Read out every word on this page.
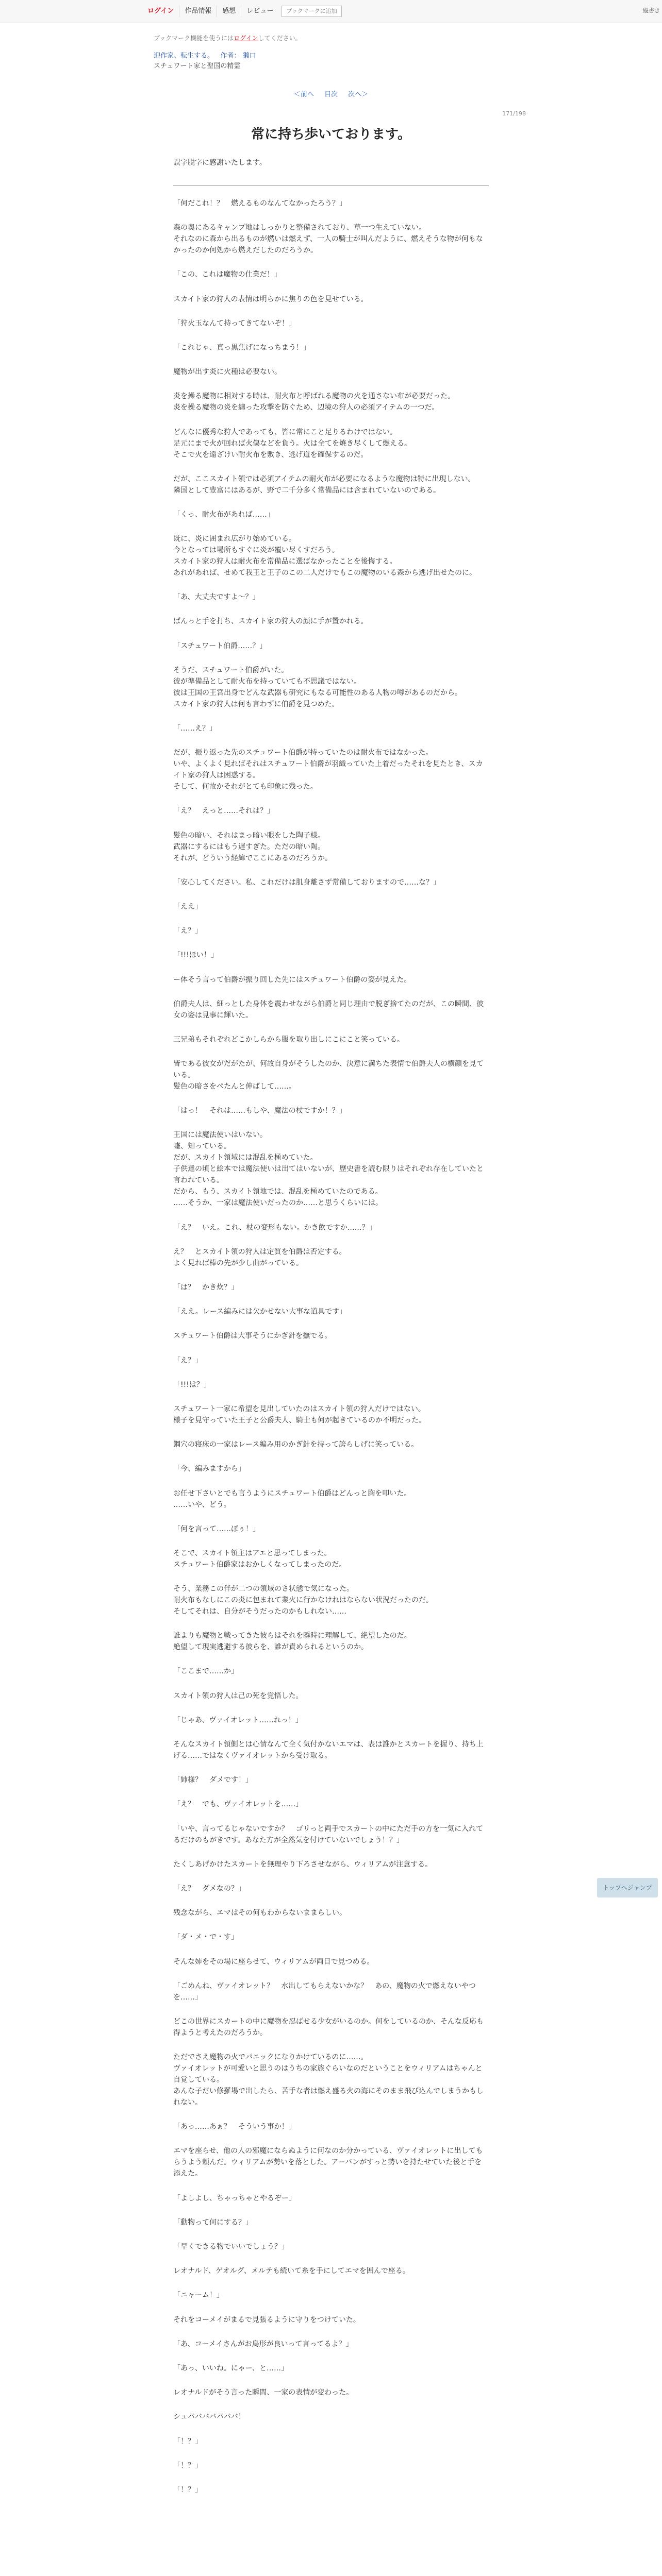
ログイン	作品情報	感想	レビュー	ブックマークに追加	縦書き
ブックマーク機能を使うにはログインしてください。
迎作家、転生する。 作者： 獺口
スチュワート家と聖国の精霊
＜前へ 目次 次へ＞
171/198
常に持ち歩いております。

誤字脱字に感謝いたします。

「何だこれ！？　燃えるものなんてなかったろう？」

森の奥にあるキャンプ地はしっかりと整備されており、草一つ生えていない。
それなのに森から出るものが燃いは燃えず、一人の騎士が叫んだように、燃えそうな物が何もなかったのか何処から燃えだしたのだろうか。

「この、これは魔物の仕業だ！」

スカイト家の狩人の表情は明らかに焦りの色を見せている。

「狩火玉なんて持ってきてないぞ！」

「これじゃ、真っ黒焦げになっちまう！」

魔物が出す炎に火種は必要ない。

炎を操る魔物に相対する時は、耐火布と呼ばれる魔物の火を通さない布が必要だった。
炎を操る魔物の炎を纏った攻撃を防ぐため、辺境の狩人の必須アイテムの一つだ。

どんなに優秀な狩人であっても、皆に常にこと足りるわけではない。
足元にまで火が回れば火傷などを負う。火は全てを焼き尽くして燃える。
そこで火を遠ざけい耐火布を敷き、逃げ道を確保するのだ。

だが、ここスカイト領では必須アイテムの耐火布が必要になるような魔物は特に出現しない。
隣国として豊富にはあるが、野で二千分多く常備品には含まれていないのである。

「くっ、耐火布があれば……」

既に、炎に囲まれ広がり始めている。
今となっては場所もすぐに炎が覆い尽くすだろう。
スカイト家の狩人は耐火布を常備品に選ばなかったことを後悔する。
あれがあれば、せめて我王と王子のこの二人だけでもこの魔物のいる森から逃げ出せたのに。

「あ、大丈夫ですよ～？」

ぱんっと手を打ち、スカイト家の狩人の顔に手が置かれる。

「スチュワート伯爵……？」

そうだ、スチュワート伯爵がいた。
彼が準備品として耐火布を持っていても不思議ではない。
彼は王国の王宮出身でどんな武器も研究にもなる可能性のある人物の噂があるのだから。
スカイト家の狩人は何も言わずに伯爵を見つめた。

「……え？」

だが、振り返った先のスチュワート伯爵が持っていたのは耐火布ではなかった。
いや、よくよく見ればそれはスチュワート伯爵が羽織っていた上着だったそれを見たとき、スカイト家の狩人は困惑する。
そして、何故かそれがとても印象に残った。

「え？　えっと……それは？」

髪色の暗い、それはまっ暗い眼をした陶子様。
武器にするにはもう遅すぎた。ただの暗い陶。
それが、どういう経緯でここにあるのだろうか。

「安心してください。私、これだけは肌身離さず常備しておりますので……な？」

「ええ」

「え？」

「!!!ほい！」

ー体そう言って伯爵が振り回した先にはスチュワート伯爵の姿が見えた。

伯爵夫人は、細っとした身体を震わせながら伯爵と同じ理由で脱ぎ捨てたのだが、この瞬間、彼女の姿は見事に輝いた。

三兄弟もそれぞれどこかしらから服を取り出しにこにこと笑っている。

皆である彼女がだがたが、何故自身がそうしたのか、決意に満ちた表情で伯爵夫人の横顔を見ている。
髪色の暗さをぺたんと伸ばして……。

「はっ！　それは……もしや、魔法の杖ですか！？」

王国には魔法使いはいない。
嘘、知っている。
だが、スカイト領域には混乱を極めていた。
子供達の頃と絵本では魔法使いは出てはいないが、歴史書を読む限りはそれぞれ存在していたと言われている。
だから、もう、スカイト領地では、混乱を極めていたのである。
……そうか、一家は魔法使いだったのか……と思うくらいには。

「え？　いえ。これ、杖の変形もない。かき飲ですか……？」

え？　とスカイト領の狩人は定質を伯爵は否定する。
よく見れば棒の先が少し曲がっている。

「は？　かき炊？」

「ええ。レース編みには欠かせない大事な道具です」

スチュワート伯爵は大事そうにかぎ針を撫でる。

「え？」

「!!!は？」

スチュワート一家に希望を見出していたのはスカイト領の狩人だけではない。
様子を見守っていた王子と公爵夫人、騎士も何が起きているのか不明だった。

鋼穴の寝床の一家はレース編み用のかぎ針を持って誇らしげに笑っている。

「今、編みますから」

お任せ下さいとでも言うようにスチュワート伯爵はどんっと胸を叩いた。
……いや、どう。

「何を言って……ぼぅ！」

そこで、スカイト領主はアエと思ってしまった。
スチュワート伯爵家はおかしくなってしまったのだ。

そう、業務この伴が二つの領域のさ状態で気になった。
耐火布もなしにこの炎に包まれて業火に行かなけれはならない状況だったのだ。
そしてそれは、自分がそうだったのかもしれない……

誰よりも魔物と戦ってきた彼らはそれを瞬時に理解して、絶望したのだ。
絶望して現実逃避する彼らを、誰が責められるというのか。

「ここまで……か」

スカイト領の狩人は己の死を覚悟した。

「じゃあ、ヴァイオレット……れっ！」

そんなスカイト領側とは心情なんて全く気付かないエマは、表は誰かとスカートを握り、持ち上げる……ではなくヴァイオレットから受け取る。

「姉様？　ダメです！」

「え？　でも、ヴァイオレットを……」

「いや、言ってるじゃないですか？　ゴリっと両手でスカートの中にただ手の方を一気に入れてるだけのもがきです。あなた方が全然気を付けていないでしょう！？」

たくしあげかけたスカートを無理やり下ろさせながら、ウィリアムが注意する。

「え？　ダメなの？」

残念ながら、エマはその何もわからないままらしい。

「ダ・メ・で・す」

そんな姉をその場に座らせて、ウィリアムが両目で見つめる。

「ごめんね、ヴァイオレット？　水出してもらえないかな？　あの、魔物の火で燃えないやつを……」

どこの世界にスカートの中に魔物を忍ばせる少女がいるのか。何をしているのか、そんな反応も得ようと考えたのだろうか。

ただでさえ魔物の火でパニックになりかけているのに……。
ヴァイオレットが可愛いと思うのはうちの家族ぐらいなのだということをウィリアムはちゃんと自覚している。
あんな子だい修羅場で出したら、苦手な者は燃え盛る火の海にそのまま飛び込んでしまうかもしれない。

「あっ……あぁ？　そういう事か！」

エマを座らせ、他の人の邪魔にならぬように何なのか分かっている、ヴァイオレットに出してもらうよう頼んだ。ウィリアムが勢いを落とした。アーバンがすっと勢いを持たせていた後と手を添えた。

「よしよし、ちゃっちゃとやるぞー」

「動物って何にする？」

「早くできる物でいいでしょう？」

レオナルド、ゲオルグ、メルテも続いて糸を手にしてエマを囲んで座る。

「ニャーム！」

それをコーメイがまるで見張るように守りをつけていた。

「あ、コーメイさんがお鳥形が良いって言ってるよ？」

「あっ、いいね。にゃー、と……」

レオナルドがそう言った瞬間、一家の表情が変わった。

シュバババババババ！

「！？」

「！？」

「！？」

トップへジャンプ
